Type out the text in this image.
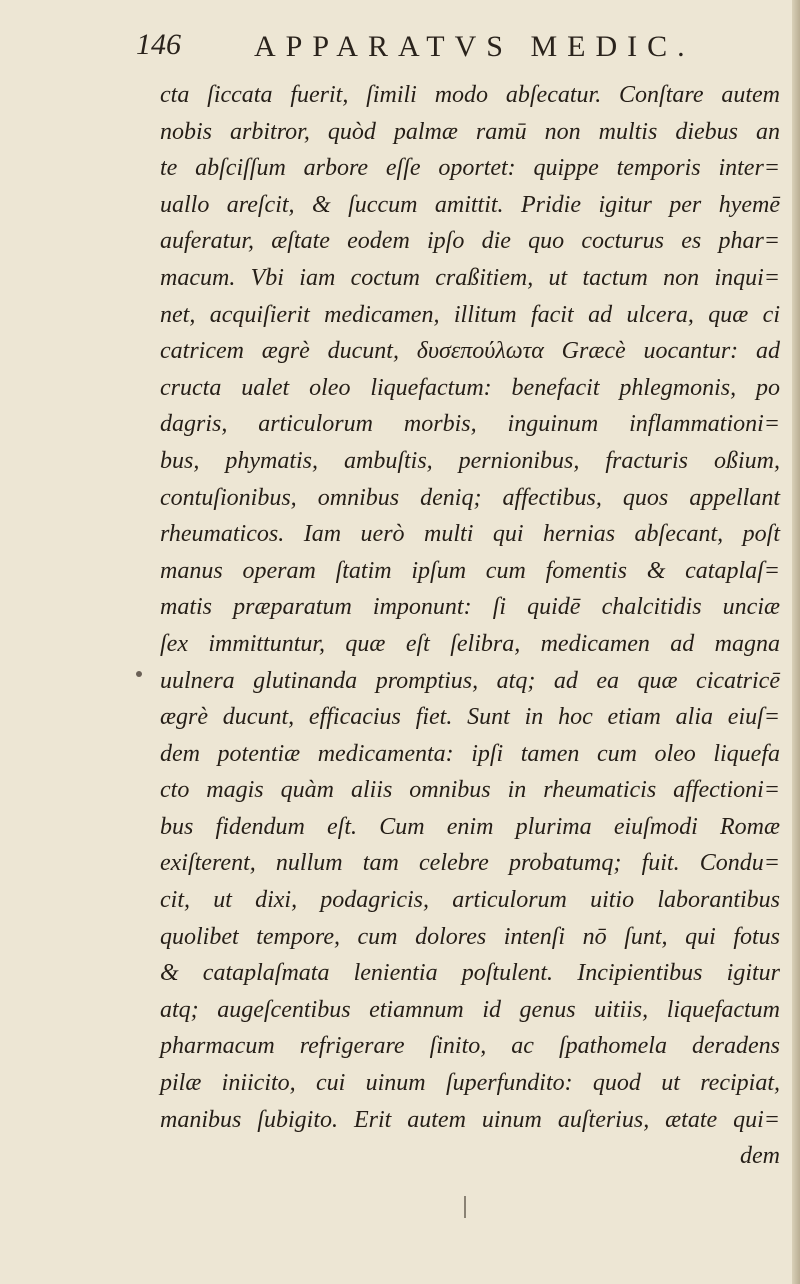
146 APPARATVS MEDIC.
cta ſiccata fuerit, ſimili modo abſecatur. Conſtare autem
nobis arbitror, quòd palmæ ramū non multis diebus an
te abſciſſum arbore eſſe oportet: quippe temporis inter=
uallo areſcit, & ſuccum amittit. Pridie igitur per hyemē
auferatur, æſtate eodem ipſo die quo cocturus es phar=
macum. Vbi iam coctum craßitiem, ut tactum non inqui=
net, acquiſierit medicamen, illitum facit ad ulcera, quæ ci
catricem ægrè ducunt, δυσεπούλωτα Græcè uocantur: ad
cructa ualet oleo liquefactum: benefacit phlegmonis, po
dagris, articulorum morbis, inguinum inflammationi=
bus, phymatis, ambuſtis, pernionibus, fracturis oßium,
contuſionibus, omnibus deniq; affectibus, quos appellant
rheumaticos. Iam uerò multi qui hernias abſecant, poſt
manus operam ſtatim ipſum cum fomentis & cataplaſ=
matis præparatum imponunt: ſi quidē chalcitidis unciæ
ſex immittuntur, quæ eſt ſelibra, medicamen ad magna
uulnera glutinanda promptius, atq; ad ea quæ cicatricē
ægrè ducunt, efficacius fiet. Sunt in hoc etiam alia eiuſ=
dem potentiæ medicamenta: ipſi tamen cum oleo liquefa
cto magis quàm aliis omnibus in rheumaticis affectioni=
bus fidendum eſt. Cum enim plurima eiuſmodi Romæ
exiſterent, nullum tam celebre probatumq; fuit. Condu=
cit, ut dixi, podagricis, articulorum uitio laborantibus
quolibet tempore, cum dolores intenſi nō ſunt, qui fotus
& cataplaſmata lenientia poſtulent. Incipientibus igitur
atq; augeſcentibus etiamnum id genus uitiis, liquefactum
pharmacum refrigerare ſinito, ac ſpathomela deradens
pilæ iniicito, cui uinum ſuperfundito: quod ut recipiat,
manibus ſubigito. Erit autem uinum auſterius, ætate qui=
dem
